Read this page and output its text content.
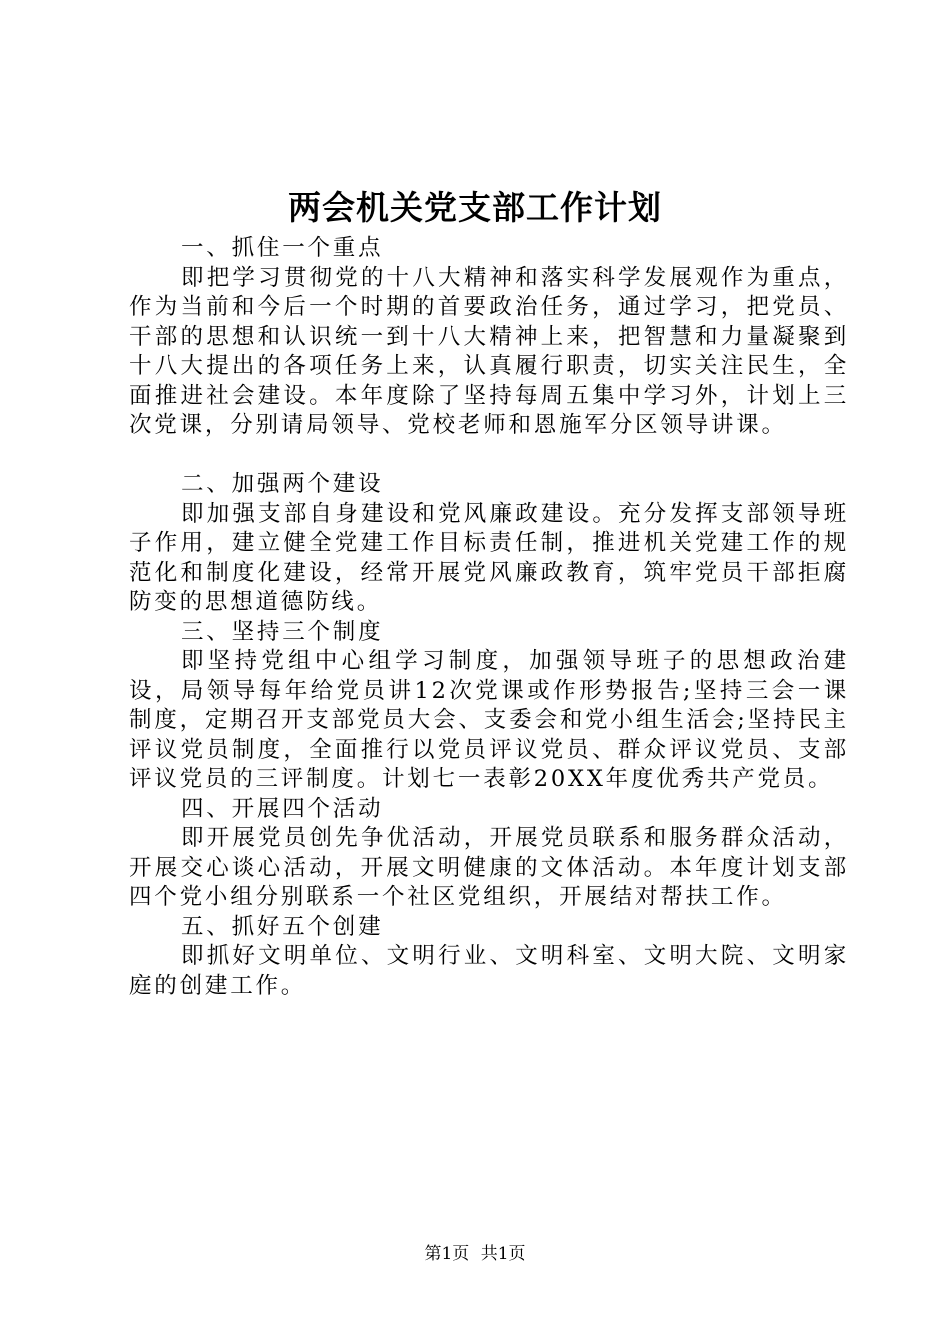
两会机关党支部工作计划

一、抓住一个重点

即把学习贯彻党的十八大精神和落实科学发展观作为重点，作为当前和今后一个时期的首要政治任务，通过学习，把党员、干部的思想和认识统一到十八大精神上来，把智慧和力量凝聚到十八大提出的各项任务上来，认真履行职责，切实关注民生，全面推进社会建设。本年度除了坚持每周五集中学习外，计划上三次党课，分别请局领导、党校老师和恩施军分区领导讲课。

二、加强两个建设

即加强支部自身建设和党风廉政建设。充分发挥支部领导班子作用，建立健全党建工作目标责任制，推进机关党建工作的规范化和制度化建设，经常开展党风廉政教育，筑牢党员干部拒腐防变的思想道德防线。

三、坚持三个制度

即坚持党组中心组学习制度，加强领导班子的思想政治建设，局领导每年给党员讲12次党课或作形势报告;坚持三会一课制度，定期召开支部党员大会、支委会和党小组生活会;坚持民主评议党员制度，全面推行以党员评议党员、群众评议党员、支部评议党员的三评制度。计划七一表彰20XX年度优秀共产党员。

四、开展四个活动

即开展党员创先争优活动，开展党员联系和服务群众活动，开展交心谈心活动，开展文明健康的文体活动。本年度计划支部四个党小组分别联系一个社区党组织，开展结对帮扶工作。

五、抓好五个创建

即抓好文明单位、文明行业、文明科室、文明大院、文明家庭的创建工作。

第1页 共1页
